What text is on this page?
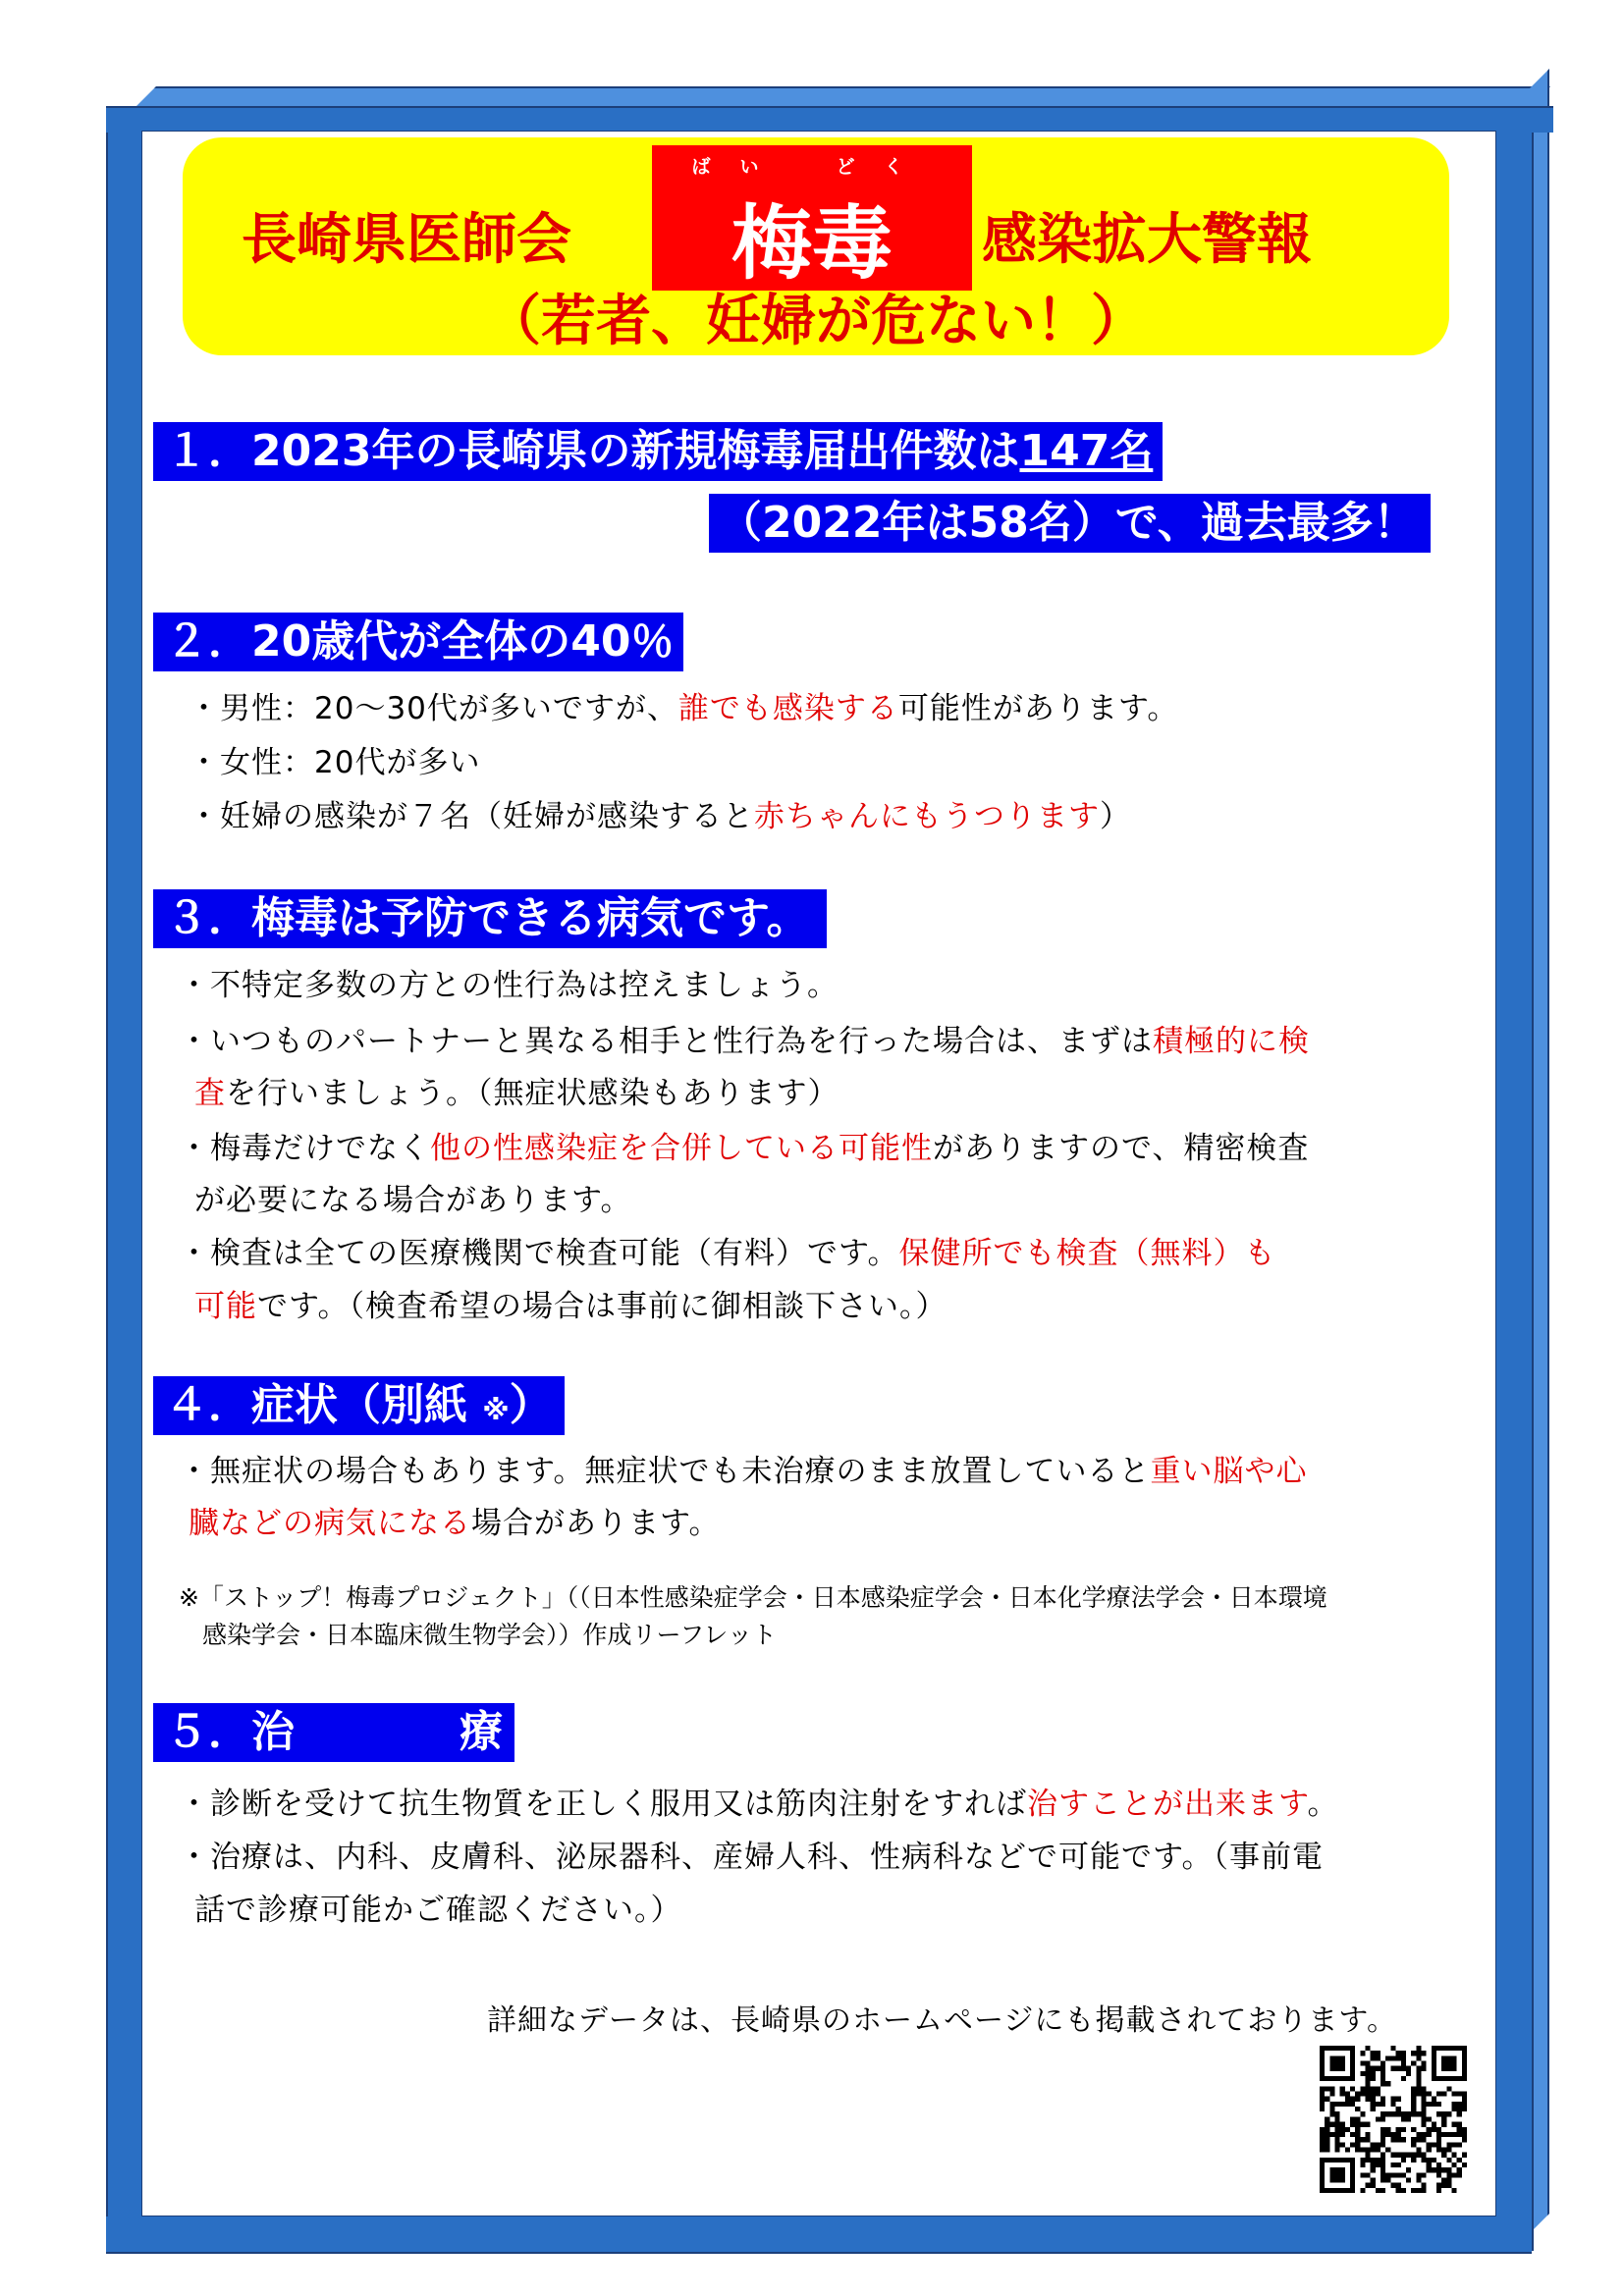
長崎県医師会
ばい　どく
梅毒	感染拡大警報
（若者、妊婦が危ない！）
１．2023年の長崎県の新規梅毒届出件数は147名
（2022年は58名）で、過去最多！
２．20歳代が全体の40％
・男性：20～30代が多いですが、誰でも感染する可能性があります。
・女性：20代が多い
・妊婦の感染が７名（妊婦が感染すると赤ちゃんにもうつります）
３．梅毒は予防できる病気です。
・不特定多数の方との性行為は控えましょう。
・いつものパートナーと異なる相手と性行為を行った場合は、まずは積極的に検
査を行いましょう。（無症状感染もあります）
・梅毒だけでなく他の性感染症を合併している可能性がありますので、精密検査
が必要になる場合があります。
・検査は全ての医療機関で検査可能（有料）です。保健所でも検査（無料）も
可能です。（検査希望の場合は事前に御相談下さい。）
４．症状（別紙 ※）
・無症状の場合もあります。無症状でも未治療のまま放置していると重い脳や心
臓などの病気になる場合があります。
※「ストップ！梅毒プロジェクト」（（日本性感染症学会・日本感染症学会・日本化学療法学会・日本環境
感染学会・日本臨床微生物学会））作成リーフレット
５．治	療
・診断を受けて抗生物質を正しく服用又は筋肉注射をすれば治すことが出来ます。
・治療は、内科、皮膚科、泌尿器科、産婦人科、性病科などで可能です。（事前電
話で診療可能かご確認ください。）
詳細なデータは、長崎県のホームページにも掲載されております。
